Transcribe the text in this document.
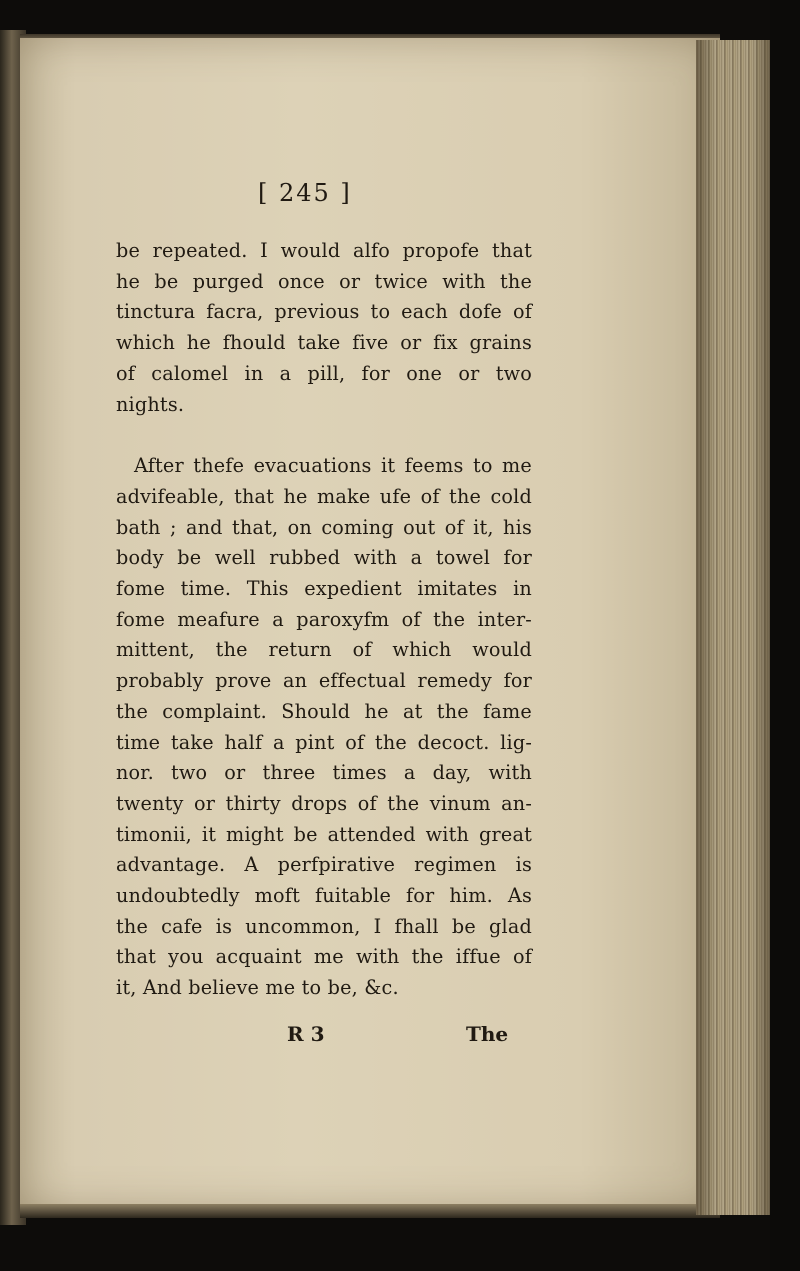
[ 245 ]
be repeated. I would alfo propofe that
he be purged once or twice with the
tinctura facra, previous to each dofe of
which he fhould take five or fix grains
of calomel in a pill, for one or two
nights.
After thefe evacuations it feems to me
advifeable, that he make ufe of the cold
bath ; and that, on coming out of it, his
body be well rubbed with a towel for
fome time. This expedient imitates in
fome meafure a paroxyfm of the inter-
mittent, the return of which would
probably prove an effectual remedy for
the complaint. Should he at the fame
time take half a pint of the decoct. lig-
nor. two or three times a day, with
twenty or thirty drops of the vinum an-
timonii, it might be attended with great
advantage. A perfpirative regimen is
undoubtedly moft fuitable for him. As
the cafe is uncommon, I fhall be glad
that you acquaint me with the iffue of
it, And believe me to be, &c.
R 3	The
